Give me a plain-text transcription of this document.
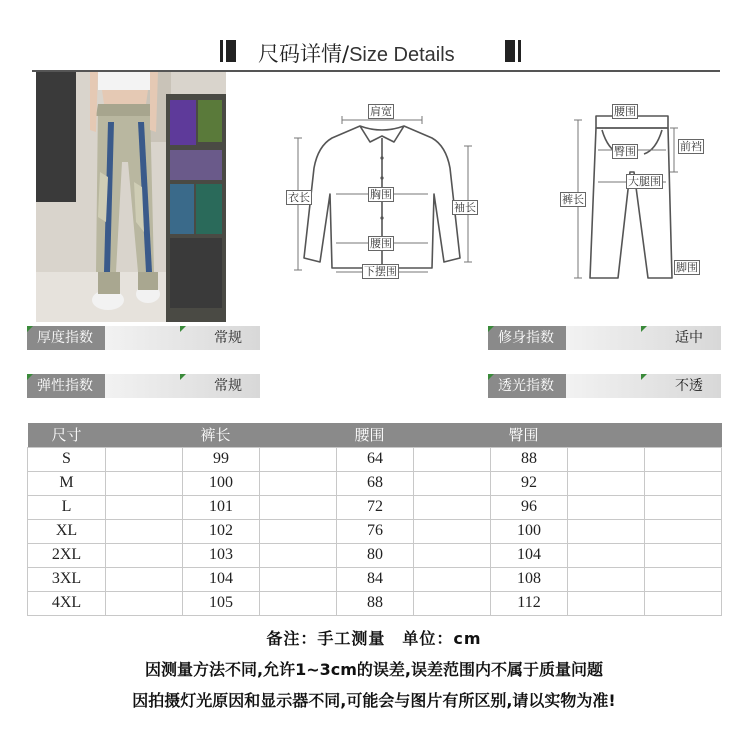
尺码详情/Size Details
肩宽
衣长	胸围
袖长
腰围
下摆围
腰围
臀围	前裆
大腿围
裤长
脚围
厚度指数	常规	修身指数	适中
弹性指数	常规	透光指数	不透
尺寸		裤长		腰围		臀围		
S		99		64		88		
M		100		68		92		
L		101		72		96		
XL		102		76		100		
2XL		103		80		104		
3XL		104		84		108		
4XL		105		88		112		
备注：手工测量　单位：cm
因测量方法不同,允许1~3cm的误差,误差范围内不属于质量问题
因拍摄灯光原因和显示器不同,可能会与图片有所区别,请以实物为准!
